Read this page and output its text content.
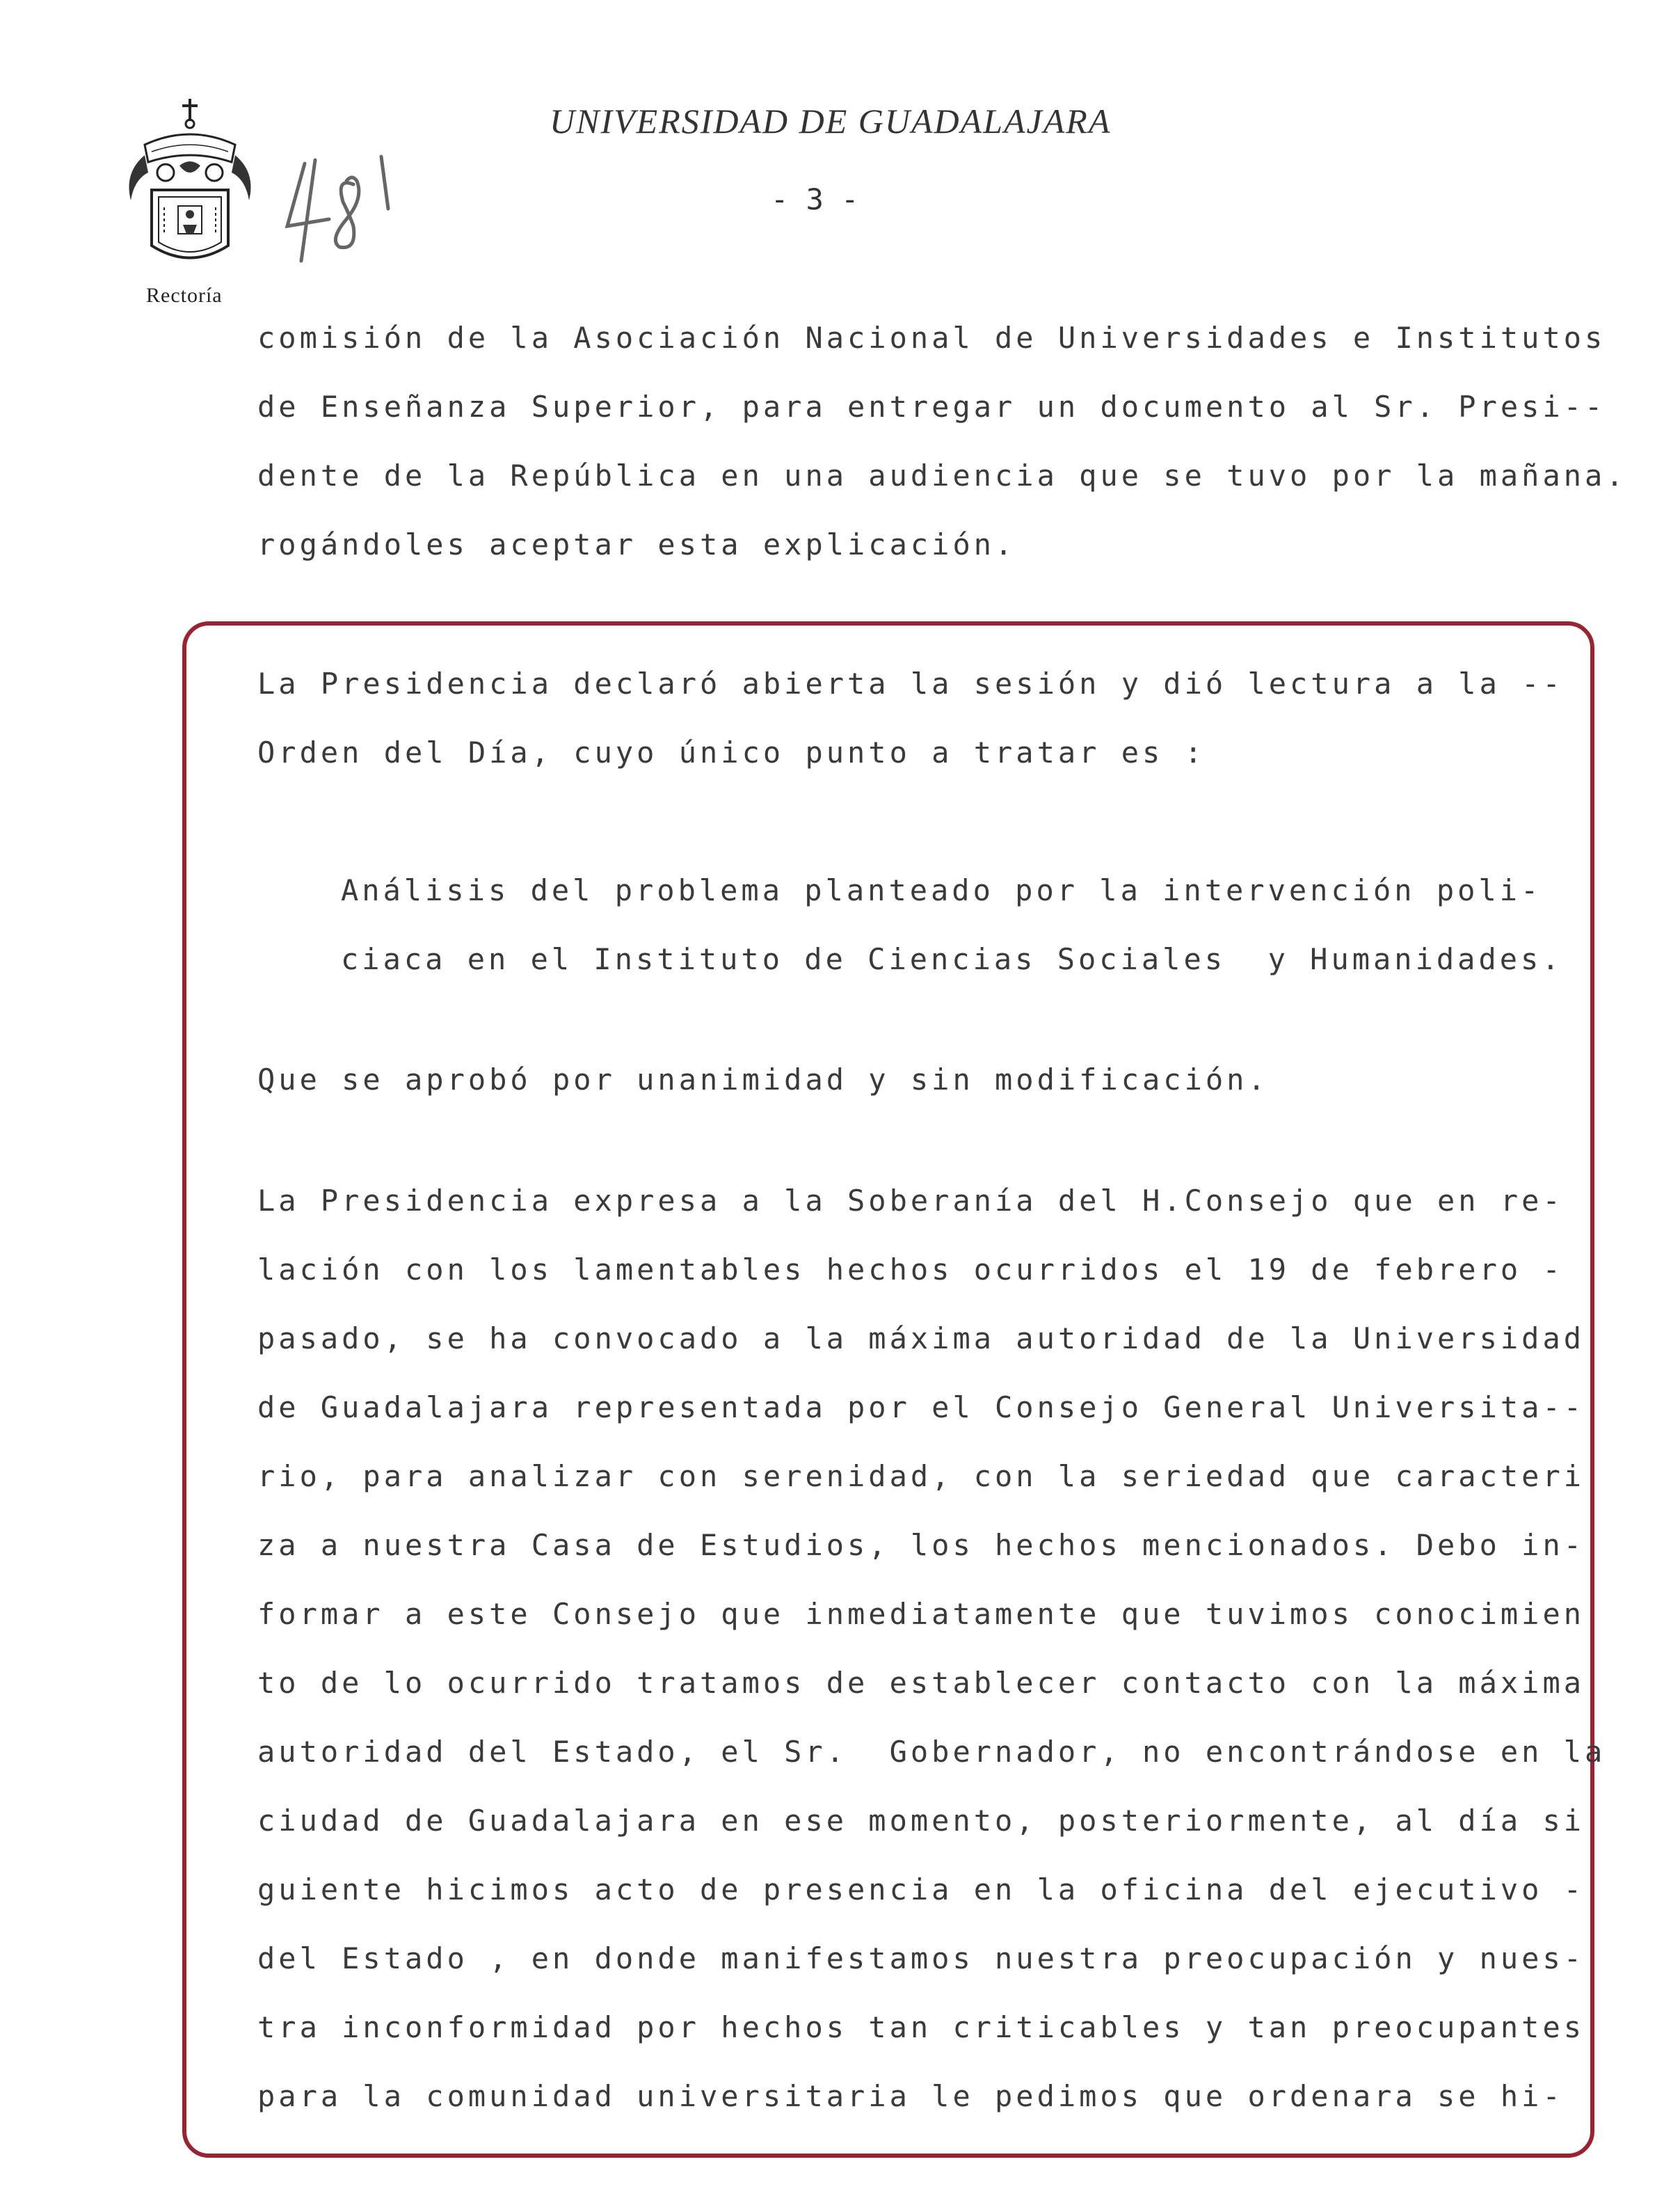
Rectoría
UNIVERSIDAD DE GUADALAJARA
- 3 -
comisión de la Asociación Nacional de Universidades e Institutos
de Enseñanza Superior, para entregar un documento al Sr. Presi--
dente de la República en una audiencia que se tuvo por la mañana.
rogándoles aceptar esta explicación.
La Presidencia declaró abierta la sesión y dió lectura a la --
Orden del Día, cuyo único punto a tratar es :
Análisis del problema planteado por la intervención poli-
ciaca en el Instituto de Ciencias Sociales  y Humanidades.
Que se aprobó por unanimidad y sin modificación.
La Presidencia expresa a la Soberanía del H.Consejo que en re-
lación con los lamentables hechos ocurridos el 19 de febrero -
pasado, se ha convocado a la máxima autoridad de la Universidad
de Guadalajara representada por el Consejo General Universita--
rio, para analizar con serenidad, con la seriedad que caracteri
za a nuestra Casa de Estudios, los hechos mencionados. Debo in-
formar a este Consejo que inmediatamente que tuvimos conocimien
to de lo ocurrido tratamos de establecer contacto con la máxima
autoridad del Estado, el Sr.  Gobernador, no encontrándose en la
ciudad de Guadalajara en ese momento, posteriormente, al día si
guiente hicimos acto de presencia en la oficina del ejecutivo -
del Estado , en donde manifestamos nuestra preocupación y nues-
tra inconformidad por hechos tan criticables y tan preocupantes
para la comunidad universitaria le pedimos que ordenara se hi-
